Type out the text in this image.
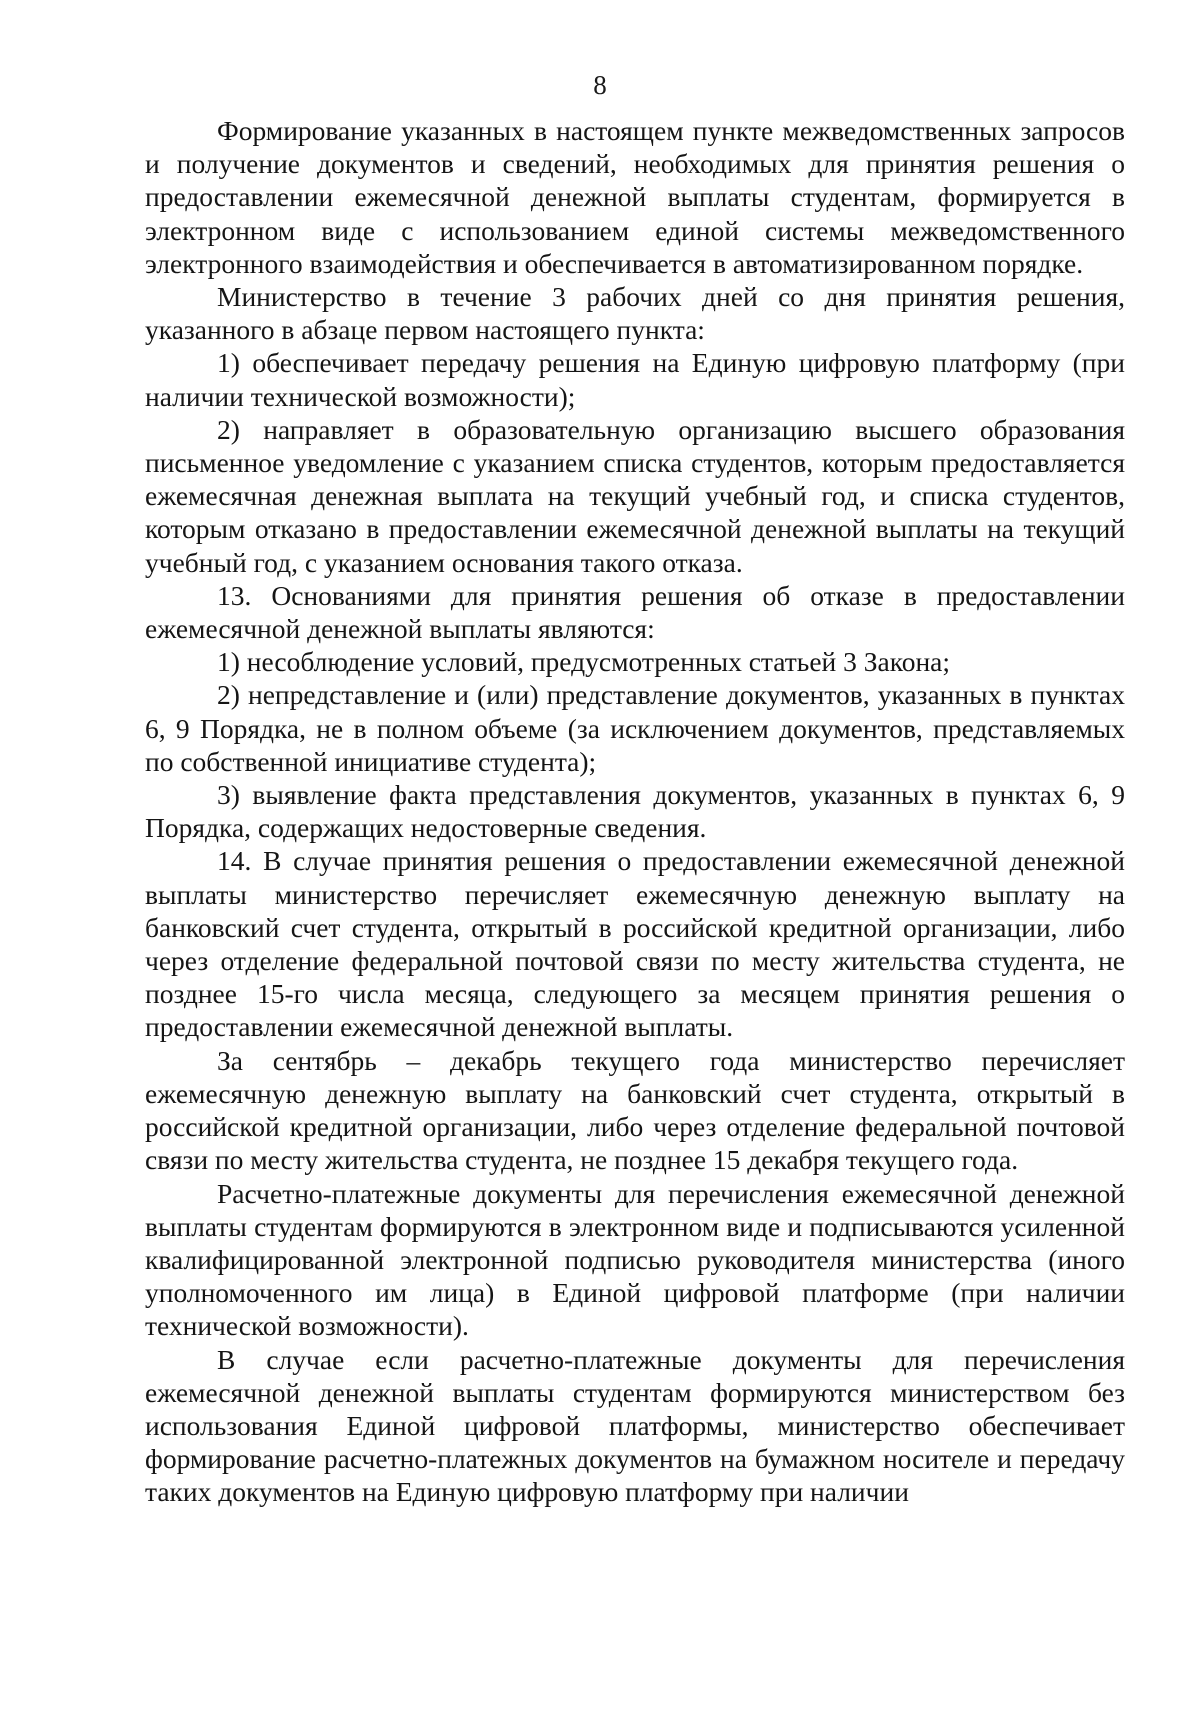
8

Формирование указанных в настоящем пункте межведомственных запросов и получение документов и сведений, необходимых для принятия решения о предоставлении ежемесячной денежной выплаты студентам, формируется в электронном виде с использованием единой системы межведомственного электронного взаимодействия и обеспечивается в автоматизированном порядке.

Министерство в течение 3 рабочих дней со дня принятия решения, указанного в абзаце первом настоящего пункта:

1) обеспечивает передачу решения на Единую цифровую платформу (при наличии технической возможности);

2) направляет в образовательную организацию высшего образования письменное уведомление с указанием списка студентов, которым предоставляется ежемесячная денежная выплата на текущий учебный год, и списка студентов, которым отказано в предоставлении ежемесячной денежной выплаты на текущий учебный год, с указанием основания такого отказа.

13. Основаниями для принятия решения об отказе в предоставлении ежемесячной денежной выплаты являются:

1) несоблюдение условий, предусмотренных статьей 3 Закона;

2) непредставление и (или) представление документов, указанных в пунктах 6, 9 Порядка, не в полном объеме (за исключением документов, представляемых по собственной инициативе студента);

3) выявление факта представления документов, указанных в пунктах 6, 9 Порядка, содержащих недостоверные сведения.

14. В случае принятия решения о предоставлении ежемесячной денежной выплаты министерство перечисляет ежемесячную денежную выплату на банковский счет студента, открытый в российской кредитной организации, либо через отделение федеральной почтовой связи по месту жительства студента, не позднее 15-го числа месяца, следующего за месяцем принятия решения о предоставлении ежемесячной денежной выплаты.

За сентябрь – декабрь текущего года министерство перечисляет ежемесячную денежную выплату на банковский счет студента, открытый в российской кредитной организации, либо через отделение федеральной почтовой связи по месту жительства студента, не позднее 15 декабря текущего года.

Расчетно-платежные документы для перечисления ежемесячной денежной выплаты студентам формируются в электронном виде и подписываются усиленной квалифицированной электронной подписью руководителя министерства (иного уполномоченного им лица) в Единой цифровой платформе (при наличии технической возможности).

В случае если расчетно-платежные документы для перечисления ежемесячной денежной выплаты студентам формируются министерством без использования Единой цифровой платформы, министерство обеспечивает формирование расчетно-платежных документов на бумажном носителе и передачу таких документов на Единую цифровую платформу при наличии
